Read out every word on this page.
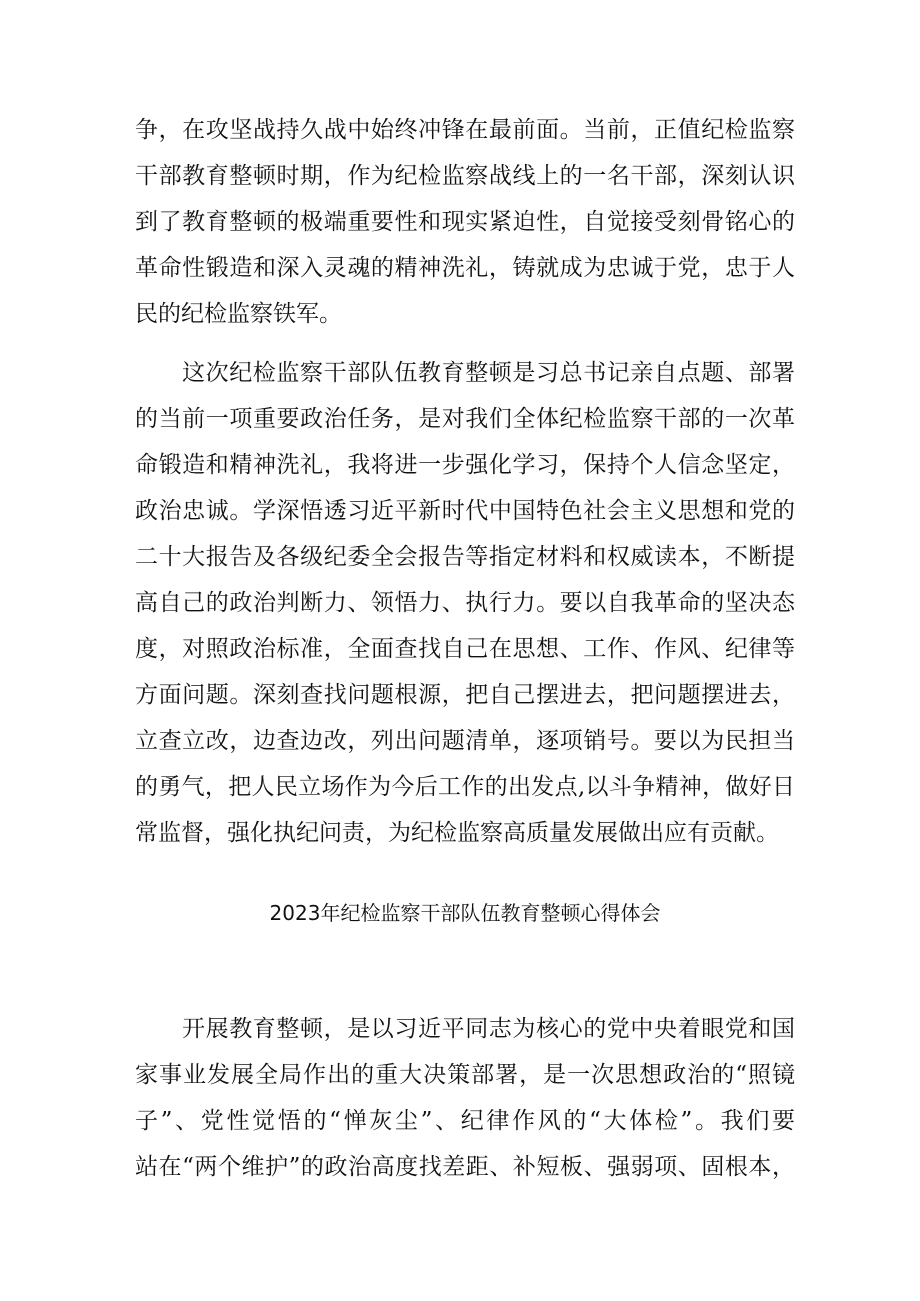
争，在攻坚战持久战中始终冲锋在最前面。当前，正值纪检监察
干部教育整顿时期，作为纪检监察战线上的一名干部，深刻认识
到了教育整顿的极端重要性和现实紧迫性，自觉接受刻骨铭心的
革命性锻造和深入灵魂的精神洗礼，铸就成为忠诚于党，忠于人
民的纪检监察铁军。
这次纪检监察干部队伍教育整顿是习总书记亲自点题、部署
的当前一项重要政治任务，是对我们全体纪检监察干部的一次革
命锻造和精神洗礼，我将进一步强化学习，保持个人信念坚定，
政治忠诚。学深悟透习近平新时代中国特色社会主义思想和党的
二十大报告及各级纪委全会报告等指定材料和权威读本，不断提
高自己的政治判断力、领悟力、执行力。要以自我革命的坚决态
度，对照政治标准，全面查找自己在思想、工作、作风、纪律等
方面问题。深刻查找问题根源，把自己摆进去，把问题摆进去，
立查立改，边查边改，列出问题清单，逐项销号。要以为民担当
的勇气，把人民立场作为今后工作的出发点,以斗争精神，做好日
常监督，强化执纪问责，为纪检监察高质量发展做出应有贡献。
2023年纪检监察干部队伍教育整顿心得体会
开展教育整顿，是以习近平同志为核心的党中央着眼党和国
家事业发展全局作出的重大决策部署，是一次思想政治的“照镜
子”、党性觉悟的“惮灰尘”、纪律作风的“大体检”。我们要
站在“两个维护”的政治高度找差距、补短板、强弱项、固根本，
